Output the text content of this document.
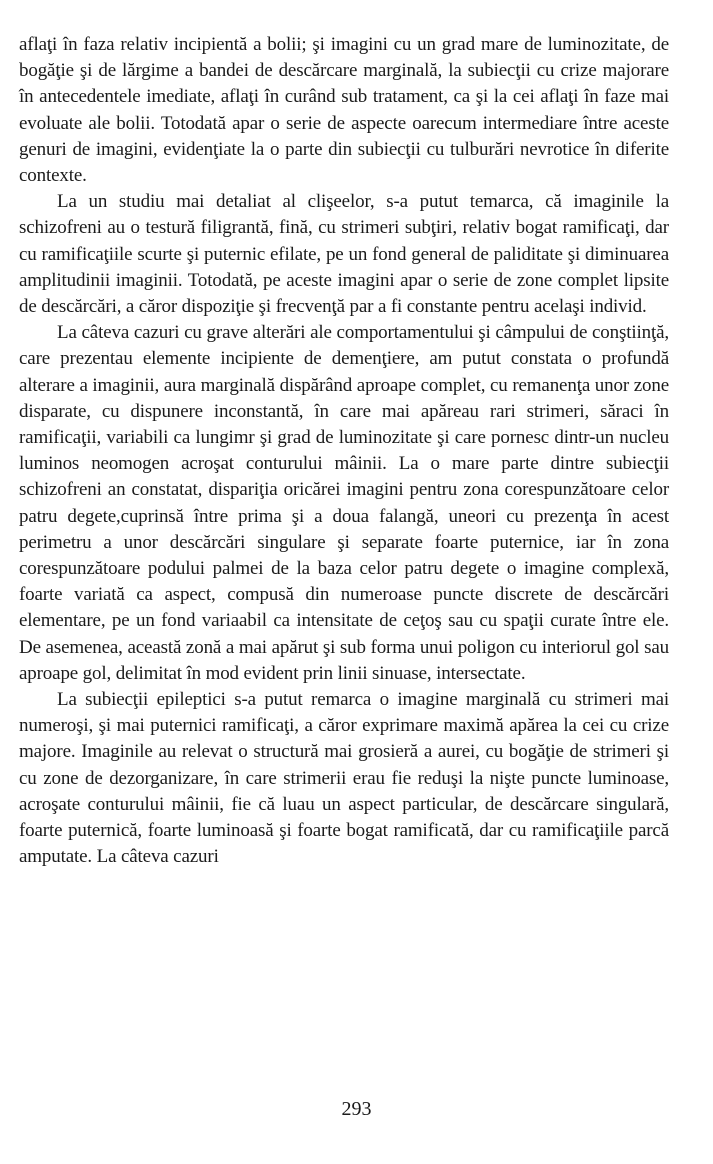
aflaţi în faza relativ incipientă a bolii; şi imagini cu un grad mare de luminozitate, de bogăţie şi de lărgime a bandei de descărcare marginală, la subiecţii cu crize majorare în antecedentele imediate, aflaţi în curând sub tratament, ca şi la cei aflaţi în faze mai evoluate ale bolii. Totodată apar o serie de aspecte oarecum intermediare între aceste genuri de imagini, evidenţiate la o parte din subiecţii cu tulburări nevrotice în diferite contexte.

La un studiu mai detaliat al clişeelor, s-a putut temarca, că imaginile la schizofreni au o testură filigrantă, fină, cu strimeri subţiri, relativ bogat ramificaţi, dar cu ramificaţiile scurte şi puternic efilate, pe un fond general de paliditate şi diminuarea amplitudinii imaginii. Totodată, pe aceste imagini apar o serie de zone complet lipsite de descărcări, a căror dispoziţie şi frecvenţă par a fi constante pentru acelaşi individ.

La câteva cazuri cu grave alterări ale comportamentului şi câmpului de conştiinţă, care prezentau elemente incipiente de demenţiere, am putut constata o profundă alterare a imaginii, aura marginală dispărând aproape complet, cu remanenţa unor zone disparate, cu dispunere inconstantă, în care mai apăreau rari strimeri, săraci în ramificaţii, variabili ca lungimr şi grad de luminozitate şi care pornesc dintr-un nucleu luminos neomogen acroşat conturului mâinii. La o mare parte dintre subiecţii schizofreni an constatat, dispariţia oricărei imagini pentru zona corespunzătoare celor patru degete,cuprinsă între prima şi a doua falangă, uneori cu prezenţa în acest perimetru a unor descărcări singulare şi separate foarte puternice, iar în zona corespunzătoare podului palmei de la baza celor patru degete o imagine complexă, foarte variată ca aspect, compusă din numeroase puncte discrete de descărcări elementare, pe un fond variaabil ca intensitate de ceţoş sau cu spaţii curate între ele. De asemenea, această zonă a mai apărut şi sub forma unui poligon cu interiorul gol sau aproape gol, delimitat în mod evident prin linii sinuase, intersectate.

La subiecţii epileptici s-a putut remarca o imagine marginală cu strimeri mai numeroşi, şi mai puternici ramificaţi, a căror exprimare maximă apărea la cei cu crize majore. Imaginile au relevat o structură mai grosieră a aurei, cu bogăţie de strimeri şi cu zone de dezorganizare, în care strimerii erau fie reduşi la nişte puncte luminoase, acroşate conturului mâinii, fie că luau un aspect particular, de descărcare singulară, foarte puternică, foarte luminoasă şi foarte bogat ramificată, dar cu ramificaţiile parcă amputate. La câteva cazuri

293
